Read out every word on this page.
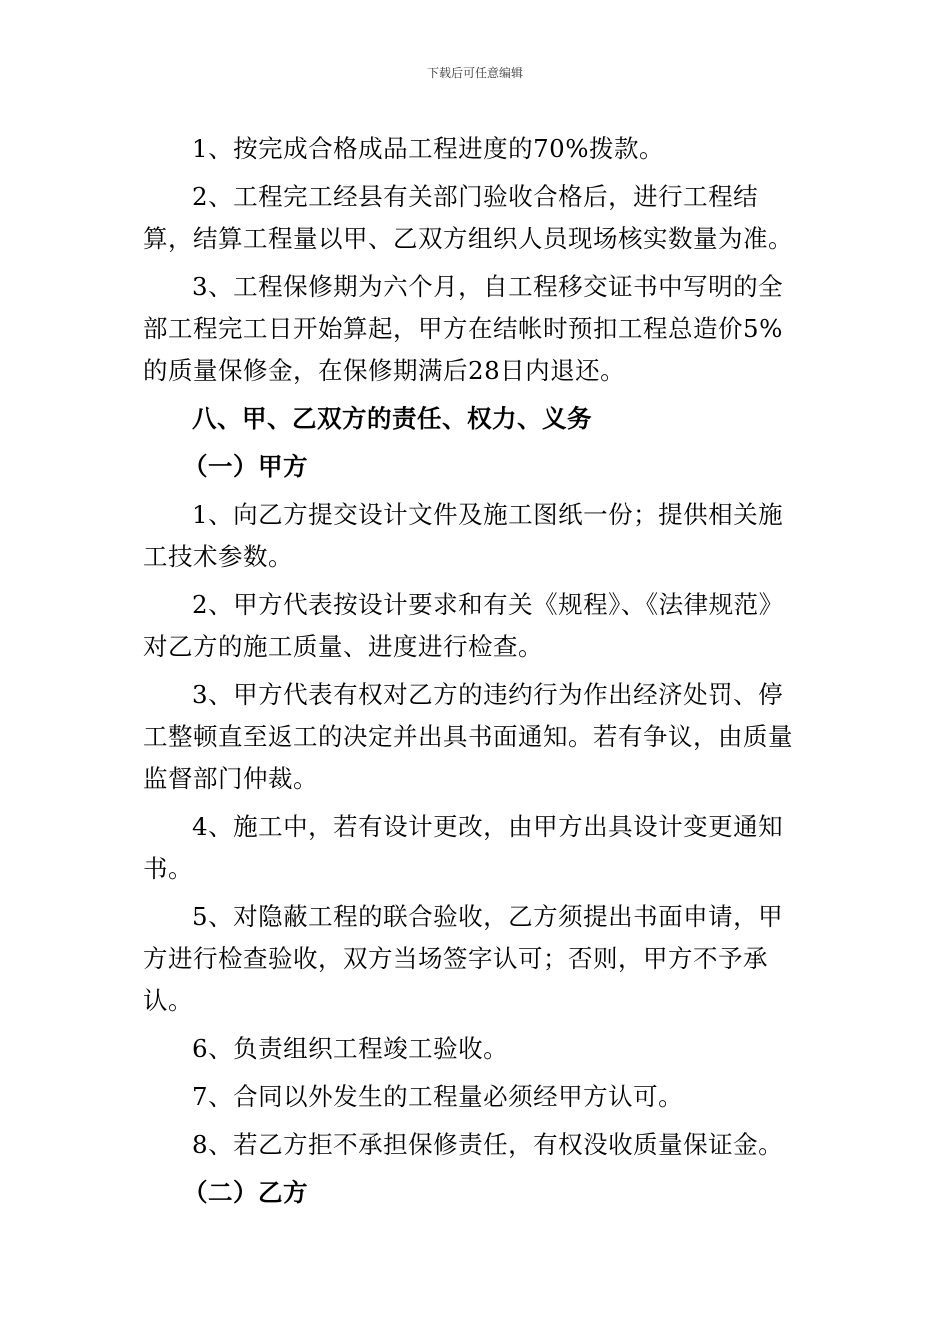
下载后可任意编辑

1、按完成合格成品工程进度的70%拨款。

2、工程完工经县有关部门验收合格后，进行工程结算，结算工程量以甲、乙双方组织人员现场核实数量为准。

3、工程保修期为六个月，自工程移交证书中写明的全部工程完工日开始算起，甲方在结帐时预扣工程总造价5%的质量保修金，在保修期满后28日内退还。

八、甲、乙双方的责任、权力、义务

（一）甲方

1、向乙方提交设计文件及施工图纸一份；提供相关施工技术参数。

2、甲方代表按设计要求和有关《规程》、《法律规范》对乙方的施工质量、进度进行检查。

3、甲方代表有权对乙方的违约行为作出经济处罚、停工整顿直至返工的决定并出具书面通知。若有争议，由质量监督部门仲裁。

4、施工中，若有设计更改，由甲方出具设计变更通知书。

5、对隐蔽工程的联合验收，乙方须提出书面申请，甲方进行检查验收，双方当场签字认可；否则，甲方不予承认。

6、负责组织工程竣工验收。

7、合同以外发生的工程量必须经甲方认可。

8、若乙方拒不承担保修责任，有权没收质量保证金。

（二）乙方
